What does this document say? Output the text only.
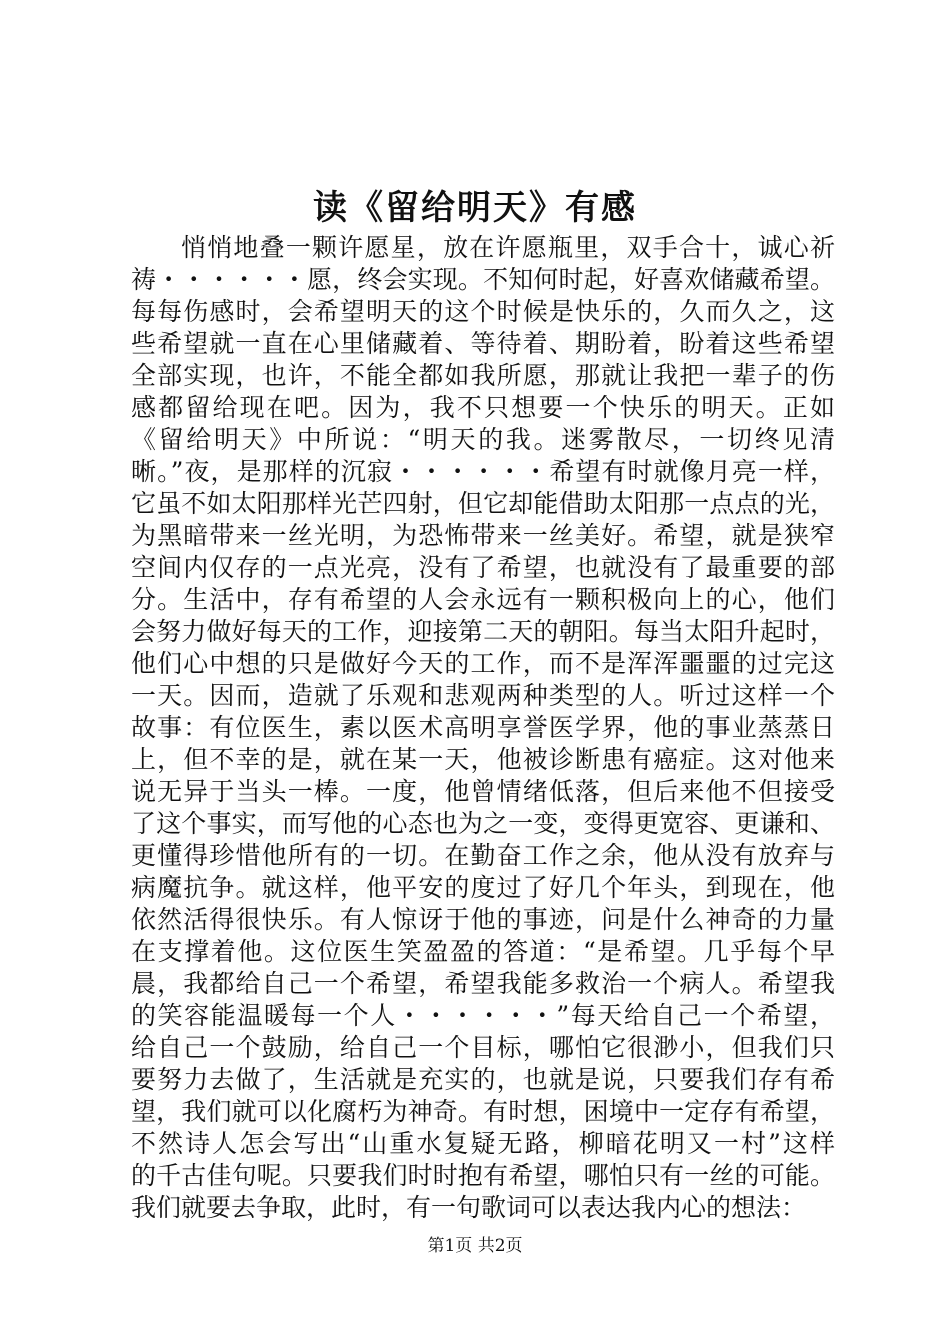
读《留给明天》有感
悄悄地叠一颗许愿星，放在许愿瓶里，双手合十，诚心祈
祷・・・・・・愿，终会实现。不知何时起，好喜欢储藏希望。
每每伤感时，会希望明天的这个时候是快乐的，久而久之，这
些希望就一直在心里储藏着、等待着、期盼着，盼着这些希望
全部实现，也许，不能全都如我所愿，那就让我把一辈子的伤
感都留给现在吧。因为，我不只想要一个快乐的明天。正如
《留给明天》中所说：“明天的我。迷雾散尽，一切终见清
晰。”夜，是那样的沉寂・・・・・・希望有时就像月亮一样，
它虽不如太阳那样光芒四射，但它却能借助太阳那一点点的光，
为黑暗带来一丝光明，为恐怖带来一丝美好。希望，就是狭窄
空间内仅存的一点光亮，没有了希望，也就没有了最重要的部
分。生活中，存有希望的人会永远有一颗积极向上的心，他们
会努力做好每天的工作，迎接第二天的朝阳。每当太阳升起时，
他们心中想的只是做好今天的工作，而不是浑浑噩噩的过完这
一天。因而，造就了乐观和悲观两种类型的人。听过这样一个
故事：有位医生，素以医术高明享誉医学界，他的事业蒸蒸日
上，但不幸的是，就在某一天，他被诊断患有癌症。这对他来
说无异于当头一棒。一度，他曾情绪低落，但后来他不但接受
了这个事实，而写他的心态也为之一变，变得更宽容、更谦和、
更懂得珍惜他所有的一切。在勤奋工作之余，他从没有放弃与
病魔抗争。就这样，他平安的度过了好几个年头，到现在，他
依然活得很快乐。有人惊讶于他的事迹，问是什么神奇的力量
在支撑着他。这位医生笑盈盈的答道：“是希望。几乎每个早
晨，我都给自己一个希望，希望我能多救治一个病人。希望我
的笑容能温暖每一个人・・・・・・”每天给自己一个希望，
给自己一个鼓励，给自己一个目标，哪怕它很渺小，但我们只
要努力去做了，生活就是充实的，也就是说，只要我们存有希
望，我们就可以化腐朽为神奇。有时想，困境中一定存有希望，
不然诗人怎会写出“山重水复疑无路，柳暗花明又一村”这样
的千古佳句呢。只要我们时时抱有希望，哪怕只有一丝的可能。
我们就要去争取，此时，有一句歌词可以表达我内心的想法：
第1页 共2页
